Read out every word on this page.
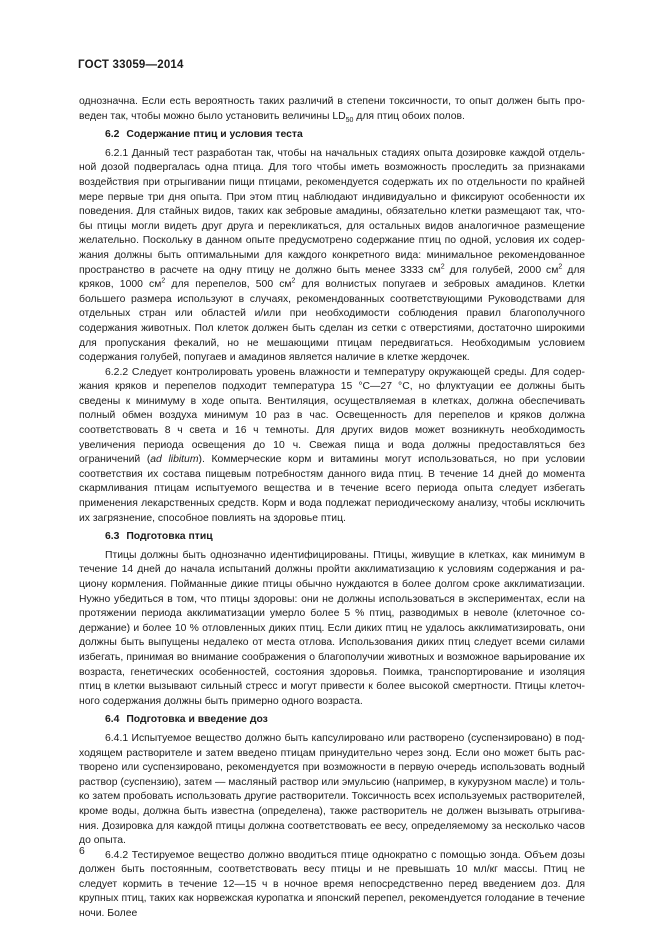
ГОСТ 33059—2014

однозначна. Если есть вероятность таких различий в степени токсичности, то опыт должен быть проведен так, чтобы можно было установить величины $LD_{50}$ для птиц обоих полов.

6.2 Содержание птиц и условия теста

6.2.1 Данный тест разработан так, чтобы на начальных стадиях опыта дозировке каждой отдельной дозой подвергалась одна птица. Для того чтобы иметь возможность проследить за признаками воздействия при отрыгивании пищи птицами, рекомендуется содержать их по отдельности по крайней мере первые три дня опыта. При этом птиц наблюдают индивидуально и фиксируют особенности их поведения. Для стайных видов, таких как зебровые амадины, обязательно клетки размещают так, чтобы птицы могли видеть друг друга и перекликаться, для остальных видов аналогичное размещение желательно. Поскольку в данном опыте предусмотрено содержание птиц по одной, условия их содержания должны быть оптимальными для каждого конкретного вида: минимальное рекомендованное пространство в расчете на одну птицу не должно быть менее 3333 $см^2$ для голубей, 2000 $см^2$ для кряков, 1000 $см^2$ для перепелов, 500 $см^2$ для волнистых попугаев и зебровых амадинов. Клетки большего размера используют в случаях, рекомендованных соответствующими Руководствами для отдельных стран или областей и/или при необходимости соблюдения правил благополучного содержания животных. Пол клеток должен быть сделан из сетки с отверстиями, достаточно широкими для пропускания фекалий, но не мешающими птицам передвигаться. Необходимым условием содержания голубей, попугаев и амадинов является наличие в клетке жердочек.

6.2.2 Следует контролировать уровень влажности и температуру окружающей среды. Для содержания кряков и перепелов подходит температура 15 °С—27 °С, но флуктуации ее должны быть сведены к минимуму в ходе опыта. Вентиляция, осуществляемая в клетках, должна обеспечивать полный обмен воздуха минимум 10 раз в час. Освещенность для перепелов и кряков должна соответствовать 8 ч света и 16 ч темноты. Для других видов может возникнуть необходимость увеличения периода освещения до 10 ч. Свежая пища и вода должны предоставляться без ограничений (ad libitum). Коммерческие корм и витамины могут использоваться, но при условии соответствия их состава пищевым потребностям данного вида птиц. В течение 14 дней до момента скармливания птицам испытуемого вещества и в течение всего периода опыта следует избегать применения лекарственных средств. Корм и вода подлежат периодическому анализу, чтобы исключить их загрязнение, способное повлиять на здоровье птиц.

6.3 Подготовка птиц

Птицы должны быть однозначно идентифицированы. Птицы, живущие в клетках, как минимум в течение 14 дней до начала испытаний должны пройти акклиматизацию к условиям содержания и рациону кормления. Пойманные дикие птицы обычно нуждаются в более долгом сроке акклиматизации. Нужно убедиться в том, что птицы здоровы: они не должны использоваться в экспериментах, если на протяжении периода акклиматизации умерло более 5 % птиц, разводимых в неволе (клеточное содержание) и более 10 % отловленных диких птиц. Если диких птиц не удалось акклиматизировать, они должны быть выпущены недалеко от места отлова. Использования диких птиц следует всеми силами избегать, принимая во внимание соображения о благополучии животных и возможное варьирование их возраста, генетических особенностей, состояния здоровья. Поимка, транспортирование и изоляция птиц в клетки вызывают сильный стресс и могут привести к более высокой смертности. Птицы клеточного содержания должны быть примерно одного возраста.

6.4 Подготовка и введение доз

6.4.1 Испытуемое вещество должно быть капсулировано или растворено (суспензировано) в подходящем растворителе и затем введено птицам принудительно через зонд. Если оно может быть растворено или суспензировано, рекомендуется при возможности в первую очередь использовать водный раствор (суспензию), затем — масляный раствор или эмульсию (например, в кукурузном масле) и только затем пробовать использовать другие растворители. Токсичность всех используемых растворителей, кроме воды, должна быть известна (определена), также растворитель не должен вызывать отрыгивания. Дозировка для каждой птицы должна соответствовать ее весу, определяемому за несколько часов до опыта.

6.4.2 Тестируемое вещество должно вводиться птице однократно с помощью зонда. Объем дозы должен быть постоянным, соответствовать весу птицы и не превышать 10 мл/кг массы. Птиц не следует кормить в течение 12—15 ч в ночное время непосредственно перед введением доз. Для крупных птиц, таких как норвежская куропатка и японский перепел, рекомендуется голодание в течение ночи. Более

6
